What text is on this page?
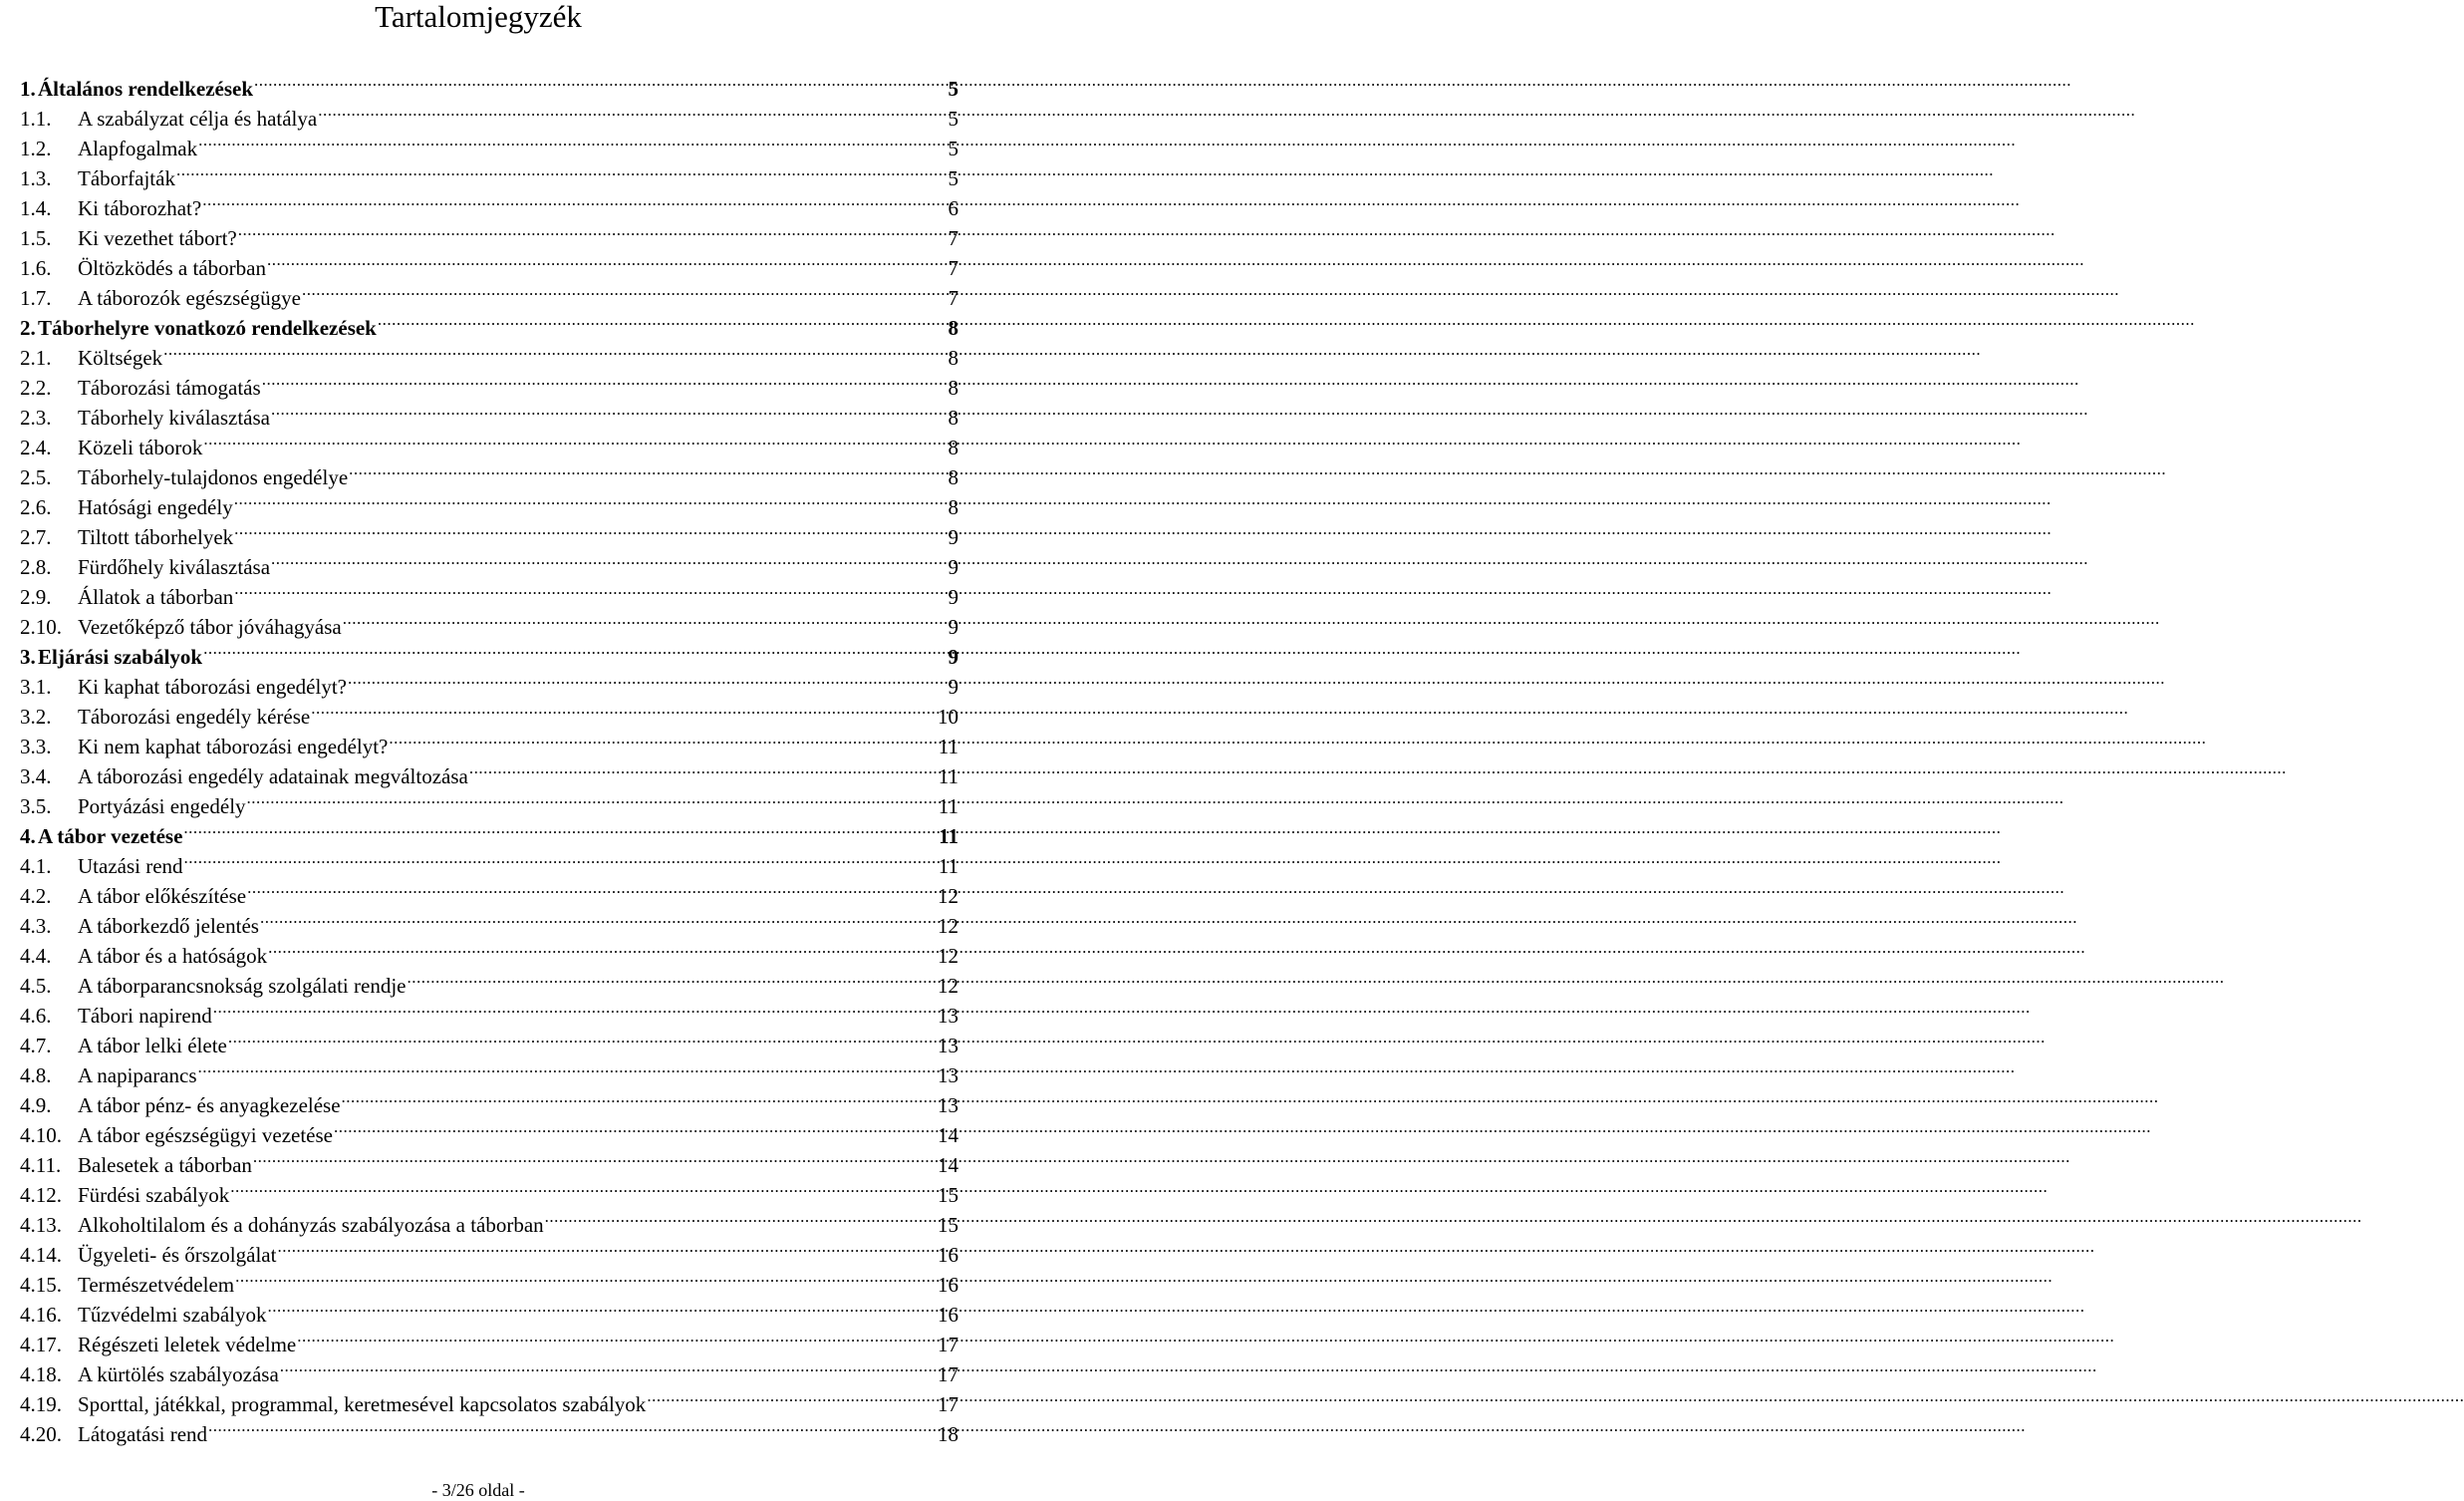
Tartalomjegyzék
1. Általános rendelkezések .....	5
1.1.	A szabályzat célja és hatálya .....	5
1.2.	Alapfogalmak .....	5
1.3.	Táborfajták .....	5
1.4.	Ki táborozhat? .....	6
1.5.	Ki vezethet tábort? .....	7
1.6.	Öltözködés a táborban .....	7
1.7.	A táborozók egészségügye .....	7
2. Táborhelyre vonatkozó rendelkezések .....	8
2.1.	Költségek .....	8
2.2.	Táborozási támogatás .....	8
2.3.	Táborhely kiválasztása .....	8
2.4.	Közeli táborok .....	8
2.5.	Táborhely-tulajdonos engedélye .....	8
2.6.	Hatósági engedély .....	8
2.7.	Tiltott táborhelyek .....	9
2.8.	Fürdőhely kiválasztása .....	9
2.9.	Állatok a táborban .....	9
2.10. Vezetőképző tábor jóváhagyása .....	9
3. Eljárási szabályok .....	9
3.1.	Ki kaphat táborozási engedélyt? .....	9
3.2.	Táborozási engedély kérése .....	10
3.3.	Ki nem kaphat táborozási engedélyt? .....	11
3.4.	A táborozási engedély adatainak megváltozása .....	11
3.5.	Portyázási engedély .....	11
4. A tábor vezetése .....	11
4.1.	Utazási rend .....	11
4.2.	A tábor előkészítése .....	12
4.3.	A táborkezdő jelentés .....	12
4.4.	A tábor és a hatóságok .....	12
4.5.	A táborparancsnokság szolgálati rendje .....	12
4.6.	Tábori napirend .....	13
4.7.	A tábor lelki élete .....	13
4.8.	A napiparancs .....	13
4.9.	A tábor pénz- és anyagkezelése .....	13
4.10. A tábor egészségügyi vezetése .....	14
4.11. Balesetek a táborban .....	14
4.12. Fürdési szabályok .....	15
4.13. Alkoholtilalom és a dohányzás szabályozása a táborban .....	15
4.14. Ügyeleti- és őrszolgálat .....	16
4.15. Természetvédelem .....	16
4.16. Tűzvédelmi szabályok .....	16
4.17. Régészeti leletek védelme .....	17
4.18. A kürtölés szabályozása .....	17
4.19. Sporttal, játékkal, programmal, keretmesével kapcsolatos szabályok .....	17
4.20. Látogatási rend .....	18
- 3/26 oldal -
